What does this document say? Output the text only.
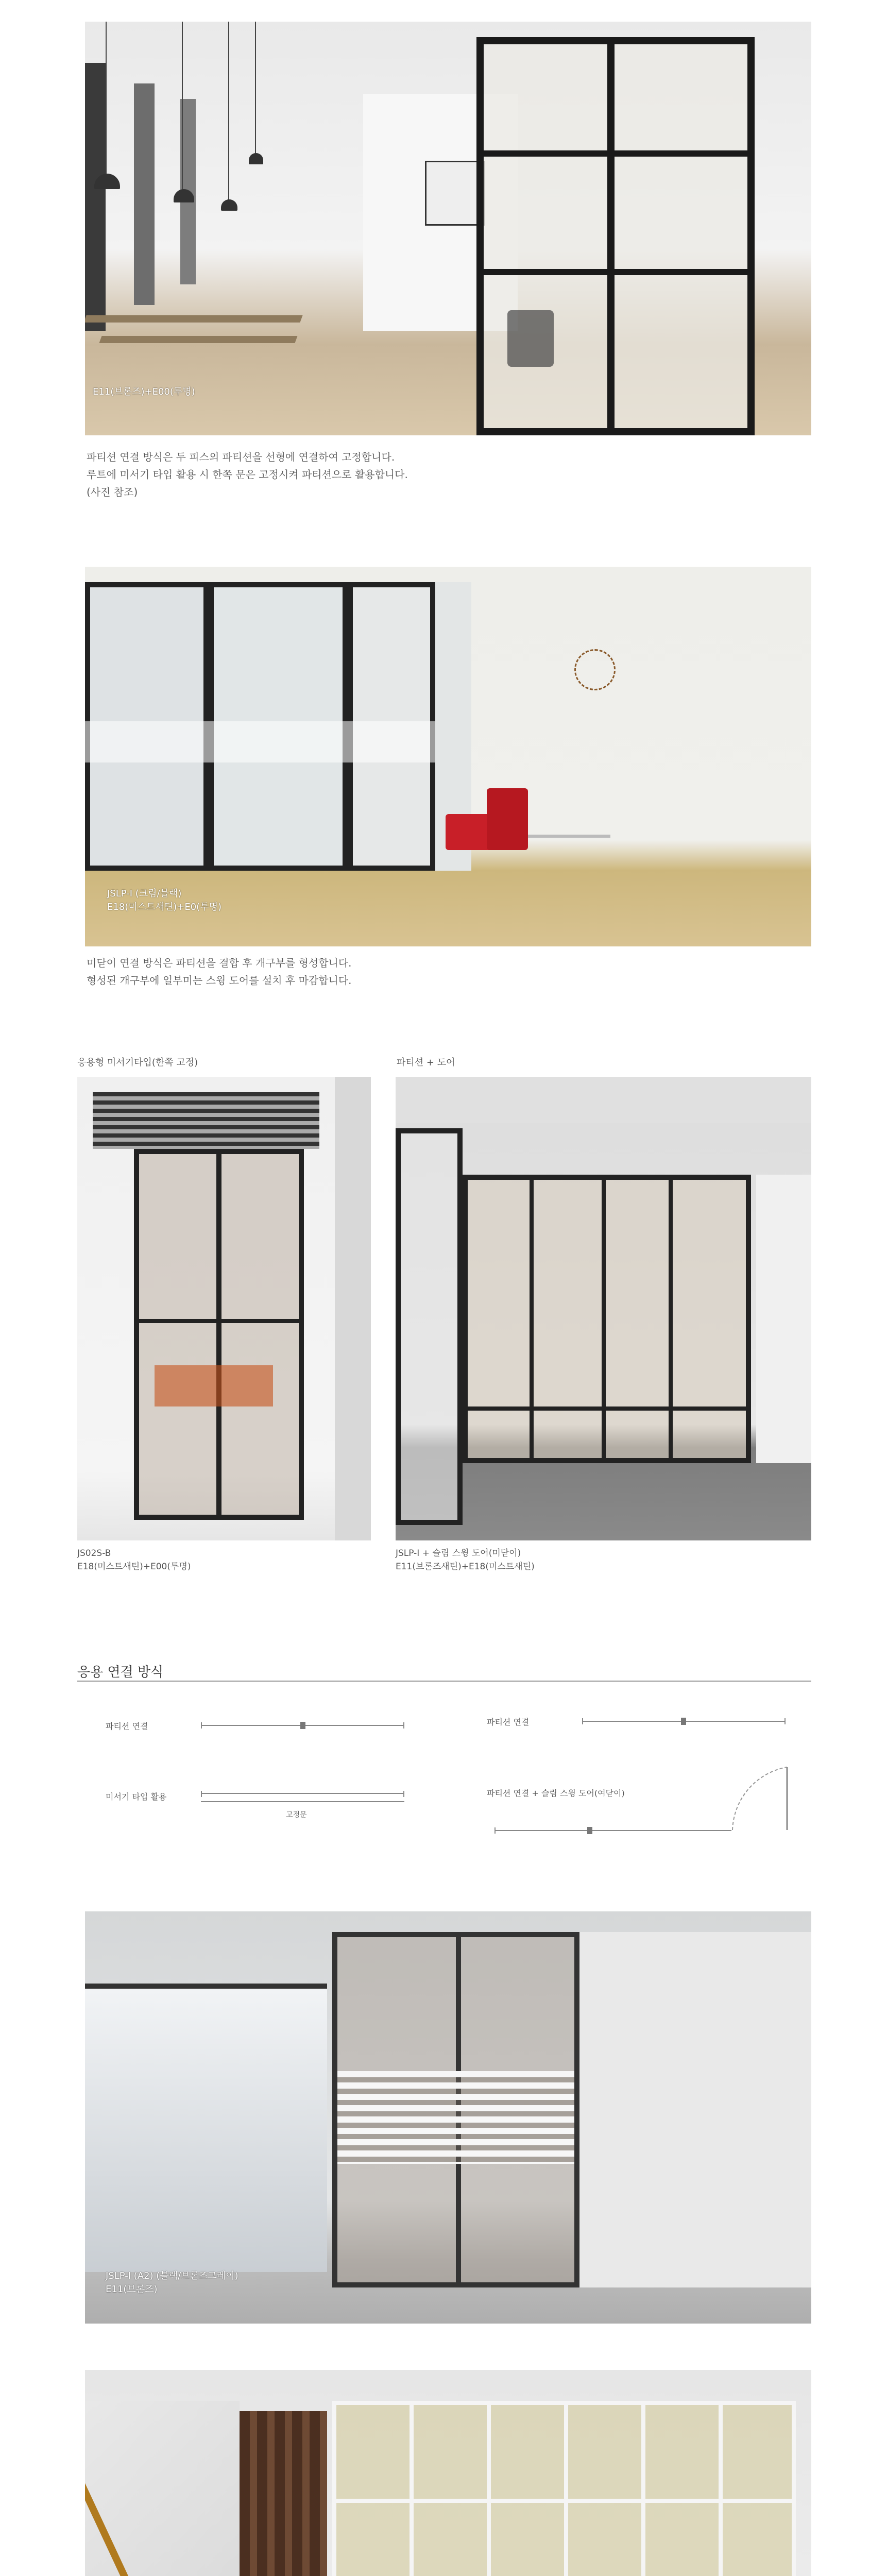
E11(브론즈)+E00(투명)
파티션 연결 방식은 두 피스의 파티션을 선형에 연결하여 고정합니다.
루트에 미서기 타입 활용 시 한쪽 문은 고정시켜 파티션으로 활용합니다.
(사진 참조)
JSLP-I (크림/블랙)
E18(미스트새틴)+E0(투명)
미닫이 연결 방식은 파티션을 결합 후 개구부를 형성합니다.
형성된 개구부에 일부미는 스윙 도어를 설치 후 마감합니다.
응용형 미서기타입(한쪽 고정)	파티션 + 도어
JS02S-B
E18(미스트새틴)+E00(투명)
JSLP-I + 슬림 스윙 도어(미닫이)
E11(브론즈새틴)+E18(미스트새틴)
응용 연결 방식
파티션 연결
미서기 타입 활용
고정문
파티션 연결
파티션 연결 + 슬림 스윙 도어(여닫이)
JSLP-I (A2) (블랙/브론즈그레이)
E11(브론즈)
